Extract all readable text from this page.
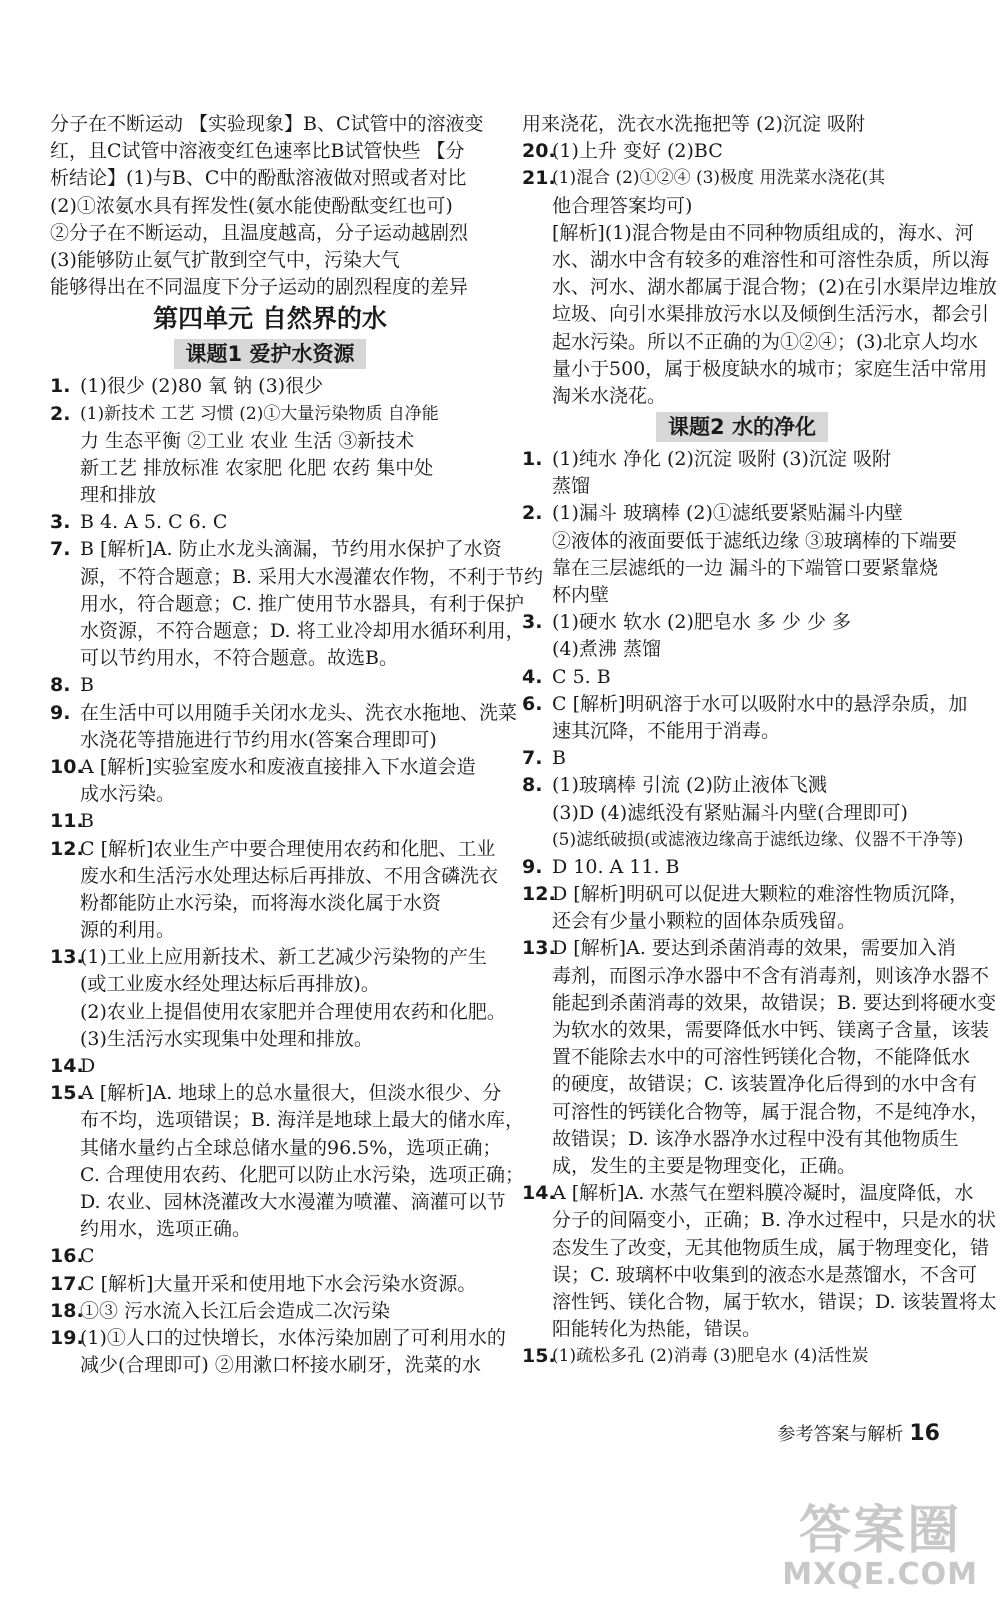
分子在不断运动 【实验现象】B、C试管中的溶液变
红，且C试管中溶液变红色速率比B试管快些 【分
析结论】(1)与B、C中的酚酞溶液做对照或者对比
(2)①浓氨水具有挥发性(氨水能使酚酞变红也可)
②分子在不断运动，且温度越高，分子运动越剧烈
(3)能够防止氨气扩散到空气中，污染大气
能够得出在不同温度下分子运动的剧烈程度的差异
第四单元 自然界的水
课题1 爱护水资源
1. (1)很少 (2)80 氧 钠 (3)很少
2. (1)新技术 工艺 习惯 (2)①大量污染物质 自净能
力 生态平衡 ②工业 农业 生活 ③新技术
新工艺 排放标准 农家肥 化肥 农药 集中处
理和排放
3. B 4. A 5. C 6. C
7. B [解析]A. 防止水龙头滴漏，节约用水保护了水资
源，不符合题意；B. 采用大水漫灌农作物，不利于节约
用水，符合题意；C. 推广使用节水器具，有利于保护
水资源，不符合题意；D. 将工业冷却用水循环利用，
可以节约用水，不符合题意。故选B。
8. B
9. 在生活中可以用随手关闭水龙头、洗衣水拖地、洗菜
水浇花等措施进行节约用水(答案合理即可)
10.
A [解析]实验室废水和废液直接排入下水道会造
成水污染。
11.
B
12.
C [解析]农业生产中要合理使用农药和化肥、工业
废水和生活污水处理达标后再排放、不用含磷洗衣
粉都能防止水污染，而将海水淡化属于水资
源的利用。
13.
(1)工业上应用新技术、新工艺减少污染物的产生
(或工业废水经处理达标后再排放)。
(2)农业上提倡使用农家肥并合理使用农药和化肥。
(3)生活污水实现集中处理和排放。
14.
D
15.
A [解析]A. 地球上的总水量很大，但淡水很少、分
布不均，选项错误；B. 海洋是地球上最大的储水库，
其储水量约占全球总储水量的96.5%，选项正确；
C. 合理使用农药、化肥可以防止水污染，选项正确；
D. 农业、园林浇灌改大水漫灌为喷灌、滴灌可以节
约用水，选项正确。
16.
C
17.
C [解析]大量开采和使用地下水会污染水资源。
18.
①③ 污水流入长江后会造成二次污染
19.
(1)①人口的过快增长，水体污染加剧了可利用水的
减少(合理即可) ②用漱口杯接水刷牙，洗菜的水
用来浇花，洗衣水洗拖把等 (2)沉淀 吸附
20.
(1)上升 变好 (2)BC
21.
(1)混合 (2)①②④ (3)极度 用洗菜水浇花(其
他合理答案均可)
[解析](1)混合物是由不同种物质组成的，海水、河
水、湖水中含有较多的难溶性和可溶性杂质，所以海
水、河水、湖水都属于混合物；(2)在引水渠岸边堆放
垃圾、向引水渠排放污水以及倾倒生活污水，都会引
起水污染。所以不正确的为①②④；(3)北京人均水
量小于500，属于极度缺水的城市；家庭生活中常用
淘米水浇花。
课题2 水的净化
1. (1)纯水 净化 (2)沉淀 吸附 (3)沉淀 吸附
蒸馏
2. (1)漏斗 玻璃棒 (2)①滤纸要紧贴漏斗内壁
②液体的液面要低于滤纸边缘 ③玻璃棒的下端要
靠在三层滤纸的一边 漏斗的下端管口要紧靠烧
杯内壁
3. (1)硬水 软水 (2)肥皂水 多 少 少 多
(4)煮沸 蒸馏
4. C 5. B
6. C [解析]明矾溶于水可以吸附水中的悬浮杂质，加
速其沉降，不能用于消毒。
7. B
8. (1)玻璃棒 引流 (2)防止液体飞溅
(3)D (4)滤纸没有紧贴漏斗内壁(合理即可)
(5)滤纸破损(或滤液边缘高于滤纸边缘、仪器不干净等)
9. D 10. A 11. B
12.
D [解析]明矾可以促进大颗粒的难溶性物质沉降，
还会有少量小颗粒的固体杂质残留。
13.
D [解析]A. 要达到杀菌消毒的效果，需要加入消
毒剂，而图示净水器中不含有消毒剂，则该净水器不
能起到杀菌消毒的效果，故错误；B. 要达到将硬水变
为软水的效果，需要降低水中钙、镁离子含量，该装
置不能除去水中的可溶性钙镁化合物，不能降低水
的硬度，故错误；C. 该装置净化后得到的水中含有
可溶性的钙镁化合物等，属于混合物，不是纯净水，
故错误；D. 该净水器净水过程中没有其他物质生
成，发生的主要是物理变化，正确。
14.
A [解析]A. 水蒸气在塑料膜冷凝时，温度降低，水
分子的间隔变小，正确；B. 净水过程中，只是水的状
态发生了改变，无其他物质生成，属于物理变化，错
误；C. 玻璃杯中收集到的液态水是蒸馏水，不含可
溶性钙、镁化合物，属于软水，错误；D. 该装置将太
阳能转化为热能，错误。
15.
(1)疏松多孔 (2)消毒 (3)肥皂水 (4)活性炭
参考答案与解析 16
答案圈
MXQE.COM
